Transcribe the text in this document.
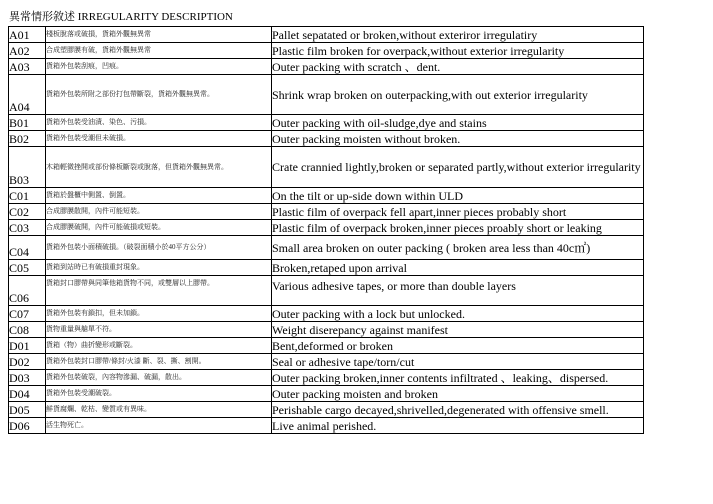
異常情形敘述 IRREGULARITY DESCRIPTION
A01	棧板脫落或破損，貨箱外觀無異常	Pallet sepatated or broken,without exteriror irregulatiry
A02	合成塑膠膜有破，貨箱外觀無異常	Plastic film broken for overpack,without exterior irregularity
A03	貨箱外包裝刮痕，凹痕。	Outer packing with scratch 、dent.
A04	貨箱外包裝所附之部份打包帶斷裂，貨箱外觀無異常。	Shrink wrap broken on outerpacking,with out exterior irregularity
B01	貨箱外包裝受油漬、染色、污損。	Outer packing with oil-sludge,dye and stains
B02	貨箱外包裝受潮但未破損。	Outer packing moisten without broken.
B03	木箱輕微挫開或部份條板斷裂或脫落，但貨箱外觀無異常。	Crate crannied lightly,broken or separated partly,without exterior irregularity
C01	貨箱於盤櫃中側置、倒置。	On the tilt or up-side down within ULD
C02	合成膠膜散開，內件可能短裝。	Plastic film of overpack fell apart,inner pieces probably short
C03	合成膠膜破開，內件可能破損或短裝。	Plastic film of overpack broken,inner pieces proably short or leaking
C04	貨箱外包裝小面積破損。（破裂面積小於40平方公分）	Small area broken on outer packing ( broken area less than 40c㎡)
C05	貨箱到站時已有破損重封現象。	Broken,retaped upon arrival
C06	貨箱封口膠帶與同筆他箱貨物不同，或雙層以上膠帶。	Various adhesive tapes, or more than double layers
C07	貨箱外包裝有鎖扣，但未加鎖。	Outer packing with a lock but unlocked.
C08	貨物重量與艙單不符。	Weight diserepancy against manifest
D01	貨箱（物）曲折變形或斷裂。	Bent,deformed or broken
D02	貨箱外包裝封口膠帶/條封/火漆 斷、裂、撕、割開。	Seal or adhesive tape/torn/cut
D03	貨箱外包裝破裂，內容物滲漏、破漏，散出。	Outer packing broken,inner contents infiltrated 、leaking、dispersed.
D04	貨箱外包裝受潮破裂。	Outer packing moisten and broken
D05	鮮貨腐爛、乾枯、變質或有異味。	Perishable cargo decayed,shrivelled,degenerated with offensive smell.
D06	活生物死亡。	Live animal perished.
